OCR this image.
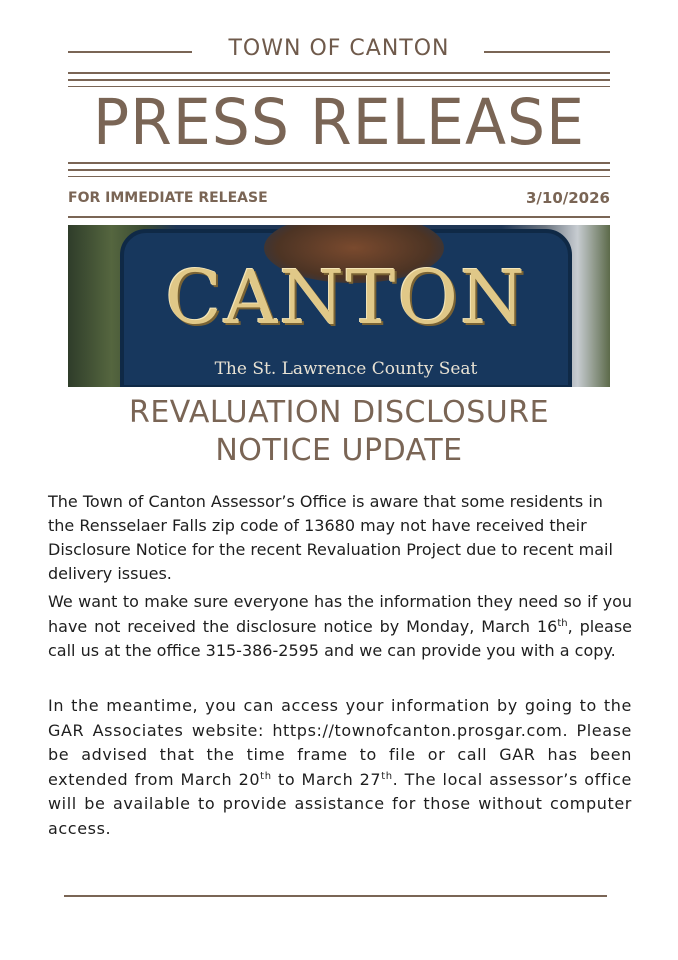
TOWN OF CANTON
PRESS RELEASE
FOR IMMEDIATE RELEASE	3/10/2026
CANTON
The St. Lawrence County Seat
REVALUATION DISCLOSURE
NOTICE UPDATE
The Town of Canton Assessor’s Office is aware that some residents in the Rensselaer Falls zip code of 13680 may not have received their Disclosure Notice for the recent Revaluation Project due to recent mail delivery issues.
We want to make sure everyone has the information they need so if you have not received the disclosure notice by Monday, March 16th, please call us at the office 315-386-2595 and we can provide you with a copy.
In the meantime, you can access your information by going to the GAR Associates website: https://townofcanton.prosgar.com. Please be advised that the time frame to file or call GAR has been extended from March 20th to March 27th. The local assessor’s office will be available to provide assistance for those without computer access.
